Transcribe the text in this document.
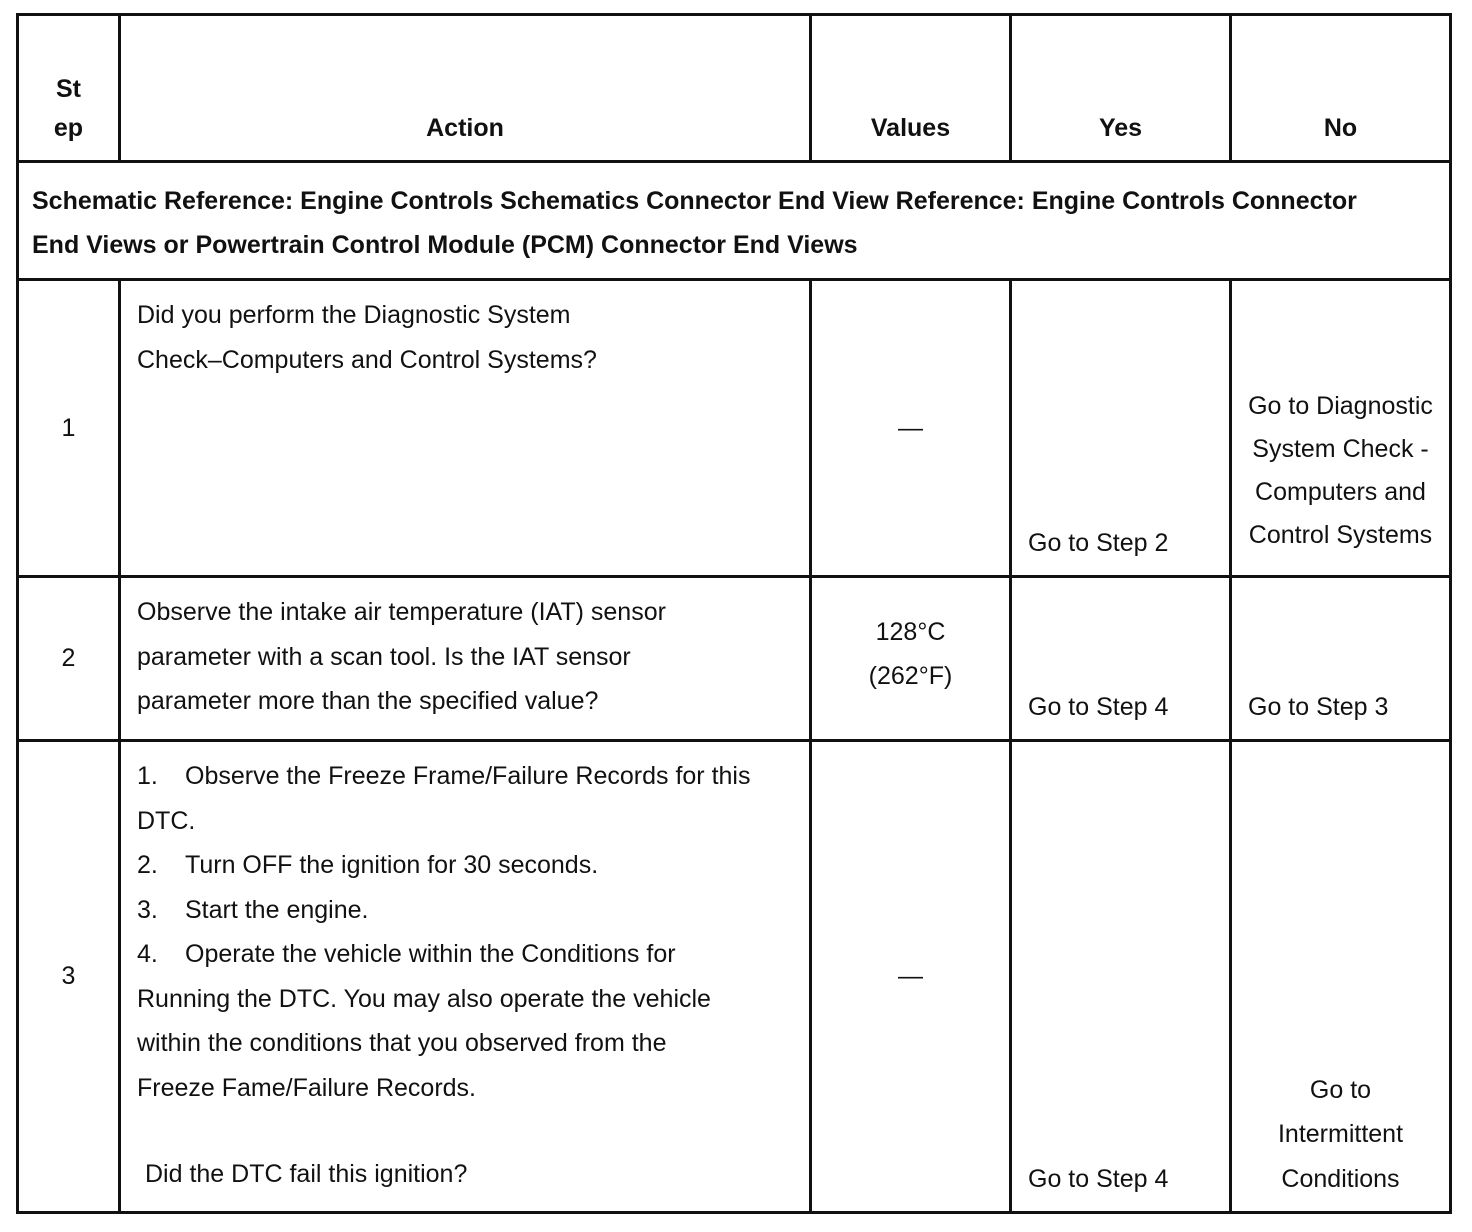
St ep	Action	Values	Yes	No
Schematic Reference: Engine Controls Schematics Connector End View Reference: Engine Controls Connector End Views or Powertrain Control Module (PCM) Connector End Views				
1	Did you perform the Diagnostic System Check–Computers and Control Systems?	—	Go to Step 2	Go to Diagnostic System Check - Computers and Control Systems
2	Observe the intake air temperature (IAT) sensor parameter with a scan tool. Is the IAT sensor parameter more than the specified value?	128°C (262°F)	Go to Step 4	Go to Step 3
3	1. Observe the Freeze Frame/Failure Records for this DTC.
2. Turn OFF the ignition for 30 seconds.
3. Start the engine.
4. Operate the vehicle within the Conditions for Running the DTC. You may also operate the vehicle within the conditions that you observed from the Freeze Fame/Failure Records.
Did the DTC fail this ignition?	—	Go to Step 4	Go to Intermittent Conditions
